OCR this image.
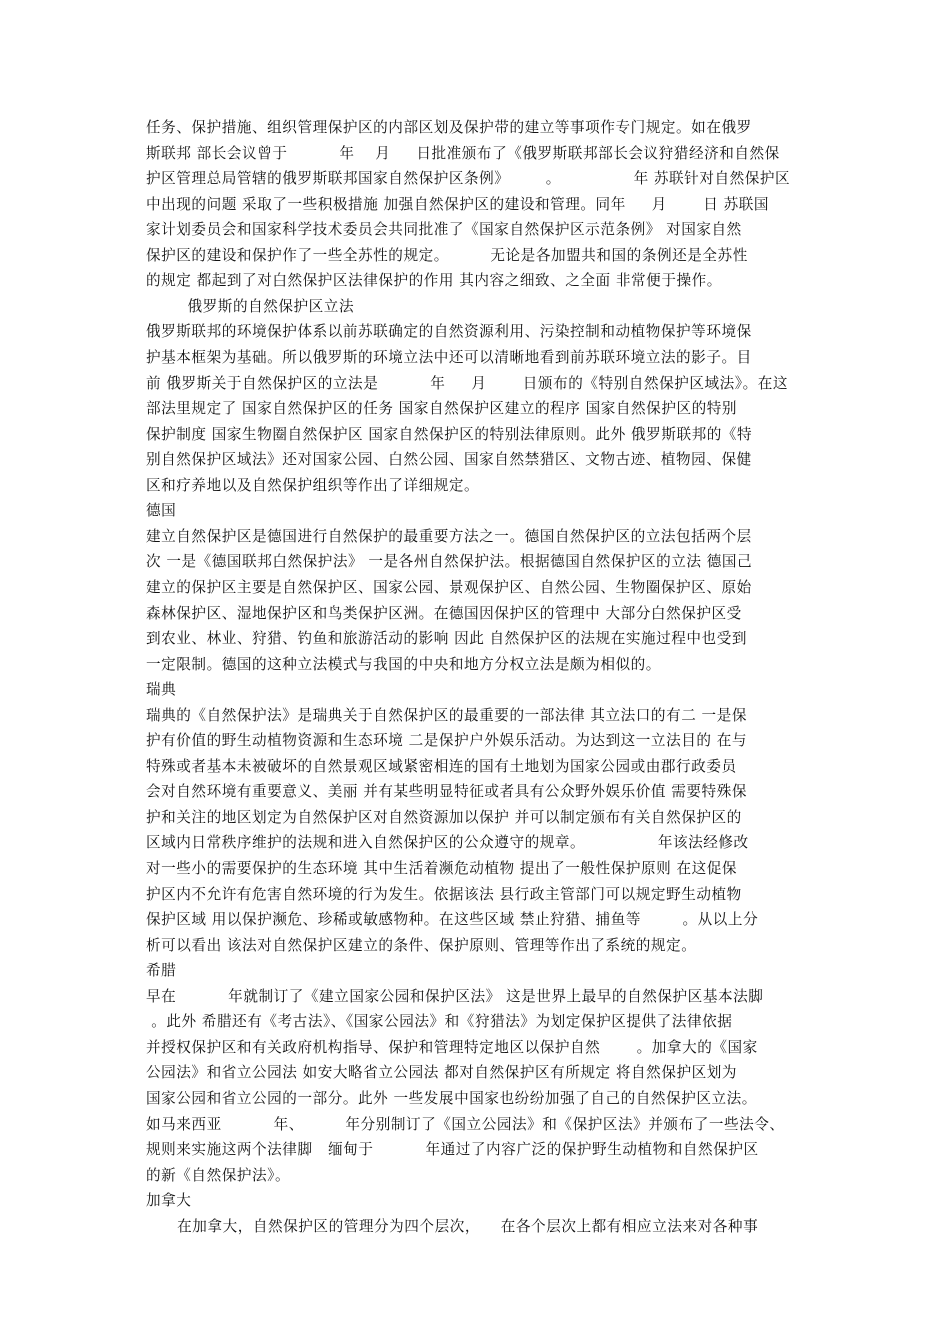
任务、保护措施、组织管理保护区的内部区划及保护带的建立等事项作专门规定。如在俄罗
斯联邦 部长会议曾于          年    月     日批准颁布了《俄罗斯联邦部长会议狩猎经济和自然保
护区管理总局管辖的俄罗斯联邦国家自然保护区条例》       。              年 苏联针对自然保护区
中出现的问题 采取了一些积极措施 加强自然保护区的建设和管理。同年     月       日 苏联国
家计划委员会和国家科学技术委员会共同批准了《国家自然保护区示范条例》 对国家自然
保护区的建设和保护作了一些全苏性的规定。        无论是各加盟共和国的条例还是全苏性
的规定 都起到了对白然保护区法律保护的作用 其内容之细致、之全面 非常便于操作。
俄罗斯的自然保护区立法
俄罗斯联邦的环境保护体系以前苏联确定的自然资源利用、污染控制和动植物保护等环境保
护基本框架为基础。所以俄罗斯的环境立法中还可以清晰地看到前苏联环境立法的影子。目
前 俄罗斯关于自然保护区的立法是          年     月       日颁布的《特别自然保护区域法》。在这
部法里规定了 国家自然保护区的任务 国家自然保护区建立的程序 国家自然保护区的特别
保护制度 国家生物圈自然保护区 国家自然保护区的特别法律原则。此外 俄罗斯联邦的《特
别自然保护区域法》还对国家公园、白然公园、国家自然禁猎区、文物古迹、植物园、保健
区和疗养地以及自然保护组织等作出了详细规定。
德国
建立自然保护区是德国进行自然保护的最重要方法之一。德国自然保护区的立法包括两个层
次 一是《德国联邦白然保护法》 一是各州自然保护法。根据德国自然保护区的立法 德国己
建立的保护区主要是自然保护区、国家公园、景观保护区、自然公园、生物圈保护区、原始
森林保护区、湿地保护区和鸟类保护区洲。在德国因保护区的管理中 大部分白然保护区受
到农业、林业、狩猎、钓鱼和旅游活动的影响 因此 自然保护区的法规在实施过程中也受到
一定限制。德国的这种立法模式与我国的中央和地方分权立法是颇为相似的。
瑞典
瑞典的《自然保护法》是瑞典关于自然保护区的最重要的一部法律 其立法口的有二 一是保
护有价值的野生动植物资源和生态环境 二是保护户外娱乐活动。为达到这一立法目的 在与
特殊或者基本未被破坏的自然景观区域紧密相连的国有土地划为国家公园或由郡行政委员
会对自然环境有重要意义、美丽 并有某些明显特征或者具有公众野外娱乐价值 需要特殊保
护和关注的地区划定为自然保护区对自然资源加以保护 并可以制定颁布有关自然保护区的
区域内日常秩序维护的法规和进入自然保护区的公众遵守的规章。              年该法经修改
对一些小的需要保护的生态环境 其中生活着濒危动植物 提出了一般性保护原则 在这促保
护区内不允许有危害自然环境的行为发生。依据该法 县行政主管部门可以规定野生动植物
保护区域 用以保护濒危、珍稀或敏感物种。在这些区域 禁止狩猎、捕鱼等        。从以上分
析可以看出 该法对自然保护区建立的条件、保护原则、管理等作出了系统的规定。
希腊
早在          年就制订了《建立国家公园和保护区法》 这是世界上最早的自然保护区基本法脚
。此外 希腊还有《考古法》、《国家公园法》和《狩猎法》为划定保护区提供了法律依据
并授权保护区和有关政府机构指导、保护和管理特定地区以保护自然       。加拿大的《国家
公园法》和省立公园法 如安大略省立公园法 都对自然保护区有所规定 将自然保护区划为
国家公园和省立公园的一部分。此外 一些发展中国家也纷纷加强了自己的自然保护区立法。
如马来西亚          年、        年分别制订了《国立公园法》和《保护区法》并颁布了一些法令、
规则来实施这两个法律脚   缅甸于          年通过了内容广泛的保护野生动植物和自然保护区
的新《自然保护法》。
加拿大
在加拿大，自然保护区的管理分为四个层次，    在各个层次上都有相应立法来对各种事
